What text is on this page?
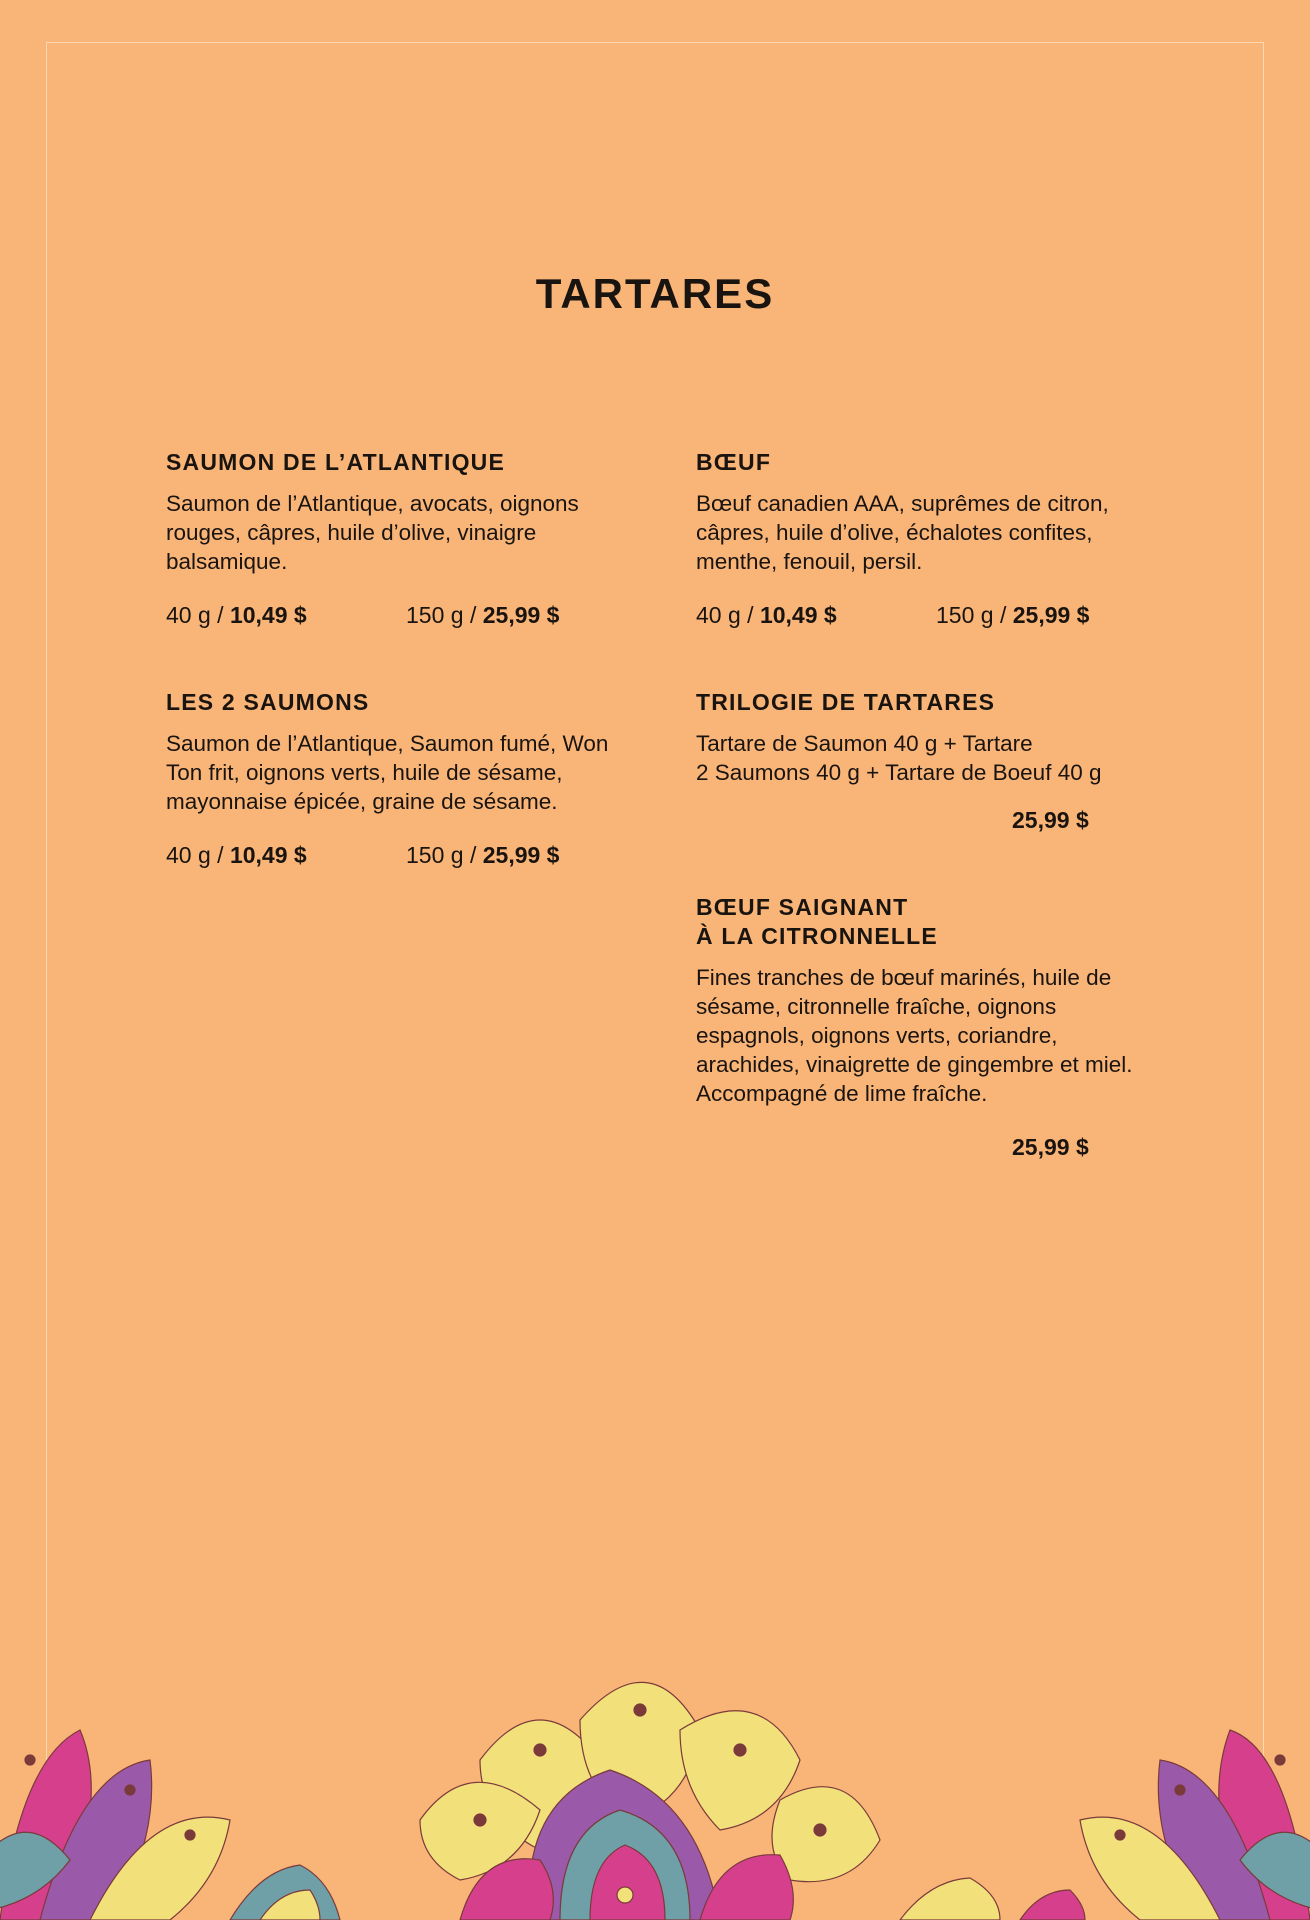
TARTARES

SAUMON DE L’ATLANTIQUE

Saumon de l’Atlantique, avocats, oignons rouges, câpres, huile d’olive, vinaigre balsamique.

40 g / 10,49 $	150 g / 25,99 $

LES 2 SAUMONS

Saumon de l’Atlantique, Saumon fumé, Won Ton frit, oignons verts, huile de sésame, mayonnaise épicée, graine de sésame.

40 g / 10,49 $	150 g / 25,99 $

BŒUF

Bœuf canadien AAA, suprêmes de citron, câpres, huile d’olive, échalotes confites, menthe, fenouil, persil.

40 g / 10,49 $	150 g / 25,99 $

TRILOGIE DE TARTARES

Tartare de Saumon 40 g + Tartare

2 Saumons 40 g + Tartare de Boeuf 40 g

25,99 $

BŒUF SAIGNANT
À LA CITRONNELLE

Fines tranches de bœuf marinés, huile de sésame, citronnelle fraîche, oignons espagnols, oignons verts, coriandre, arachides, vinaigrette de gingembre et miel. Accompagné de lime fraîche.

25,99 $
